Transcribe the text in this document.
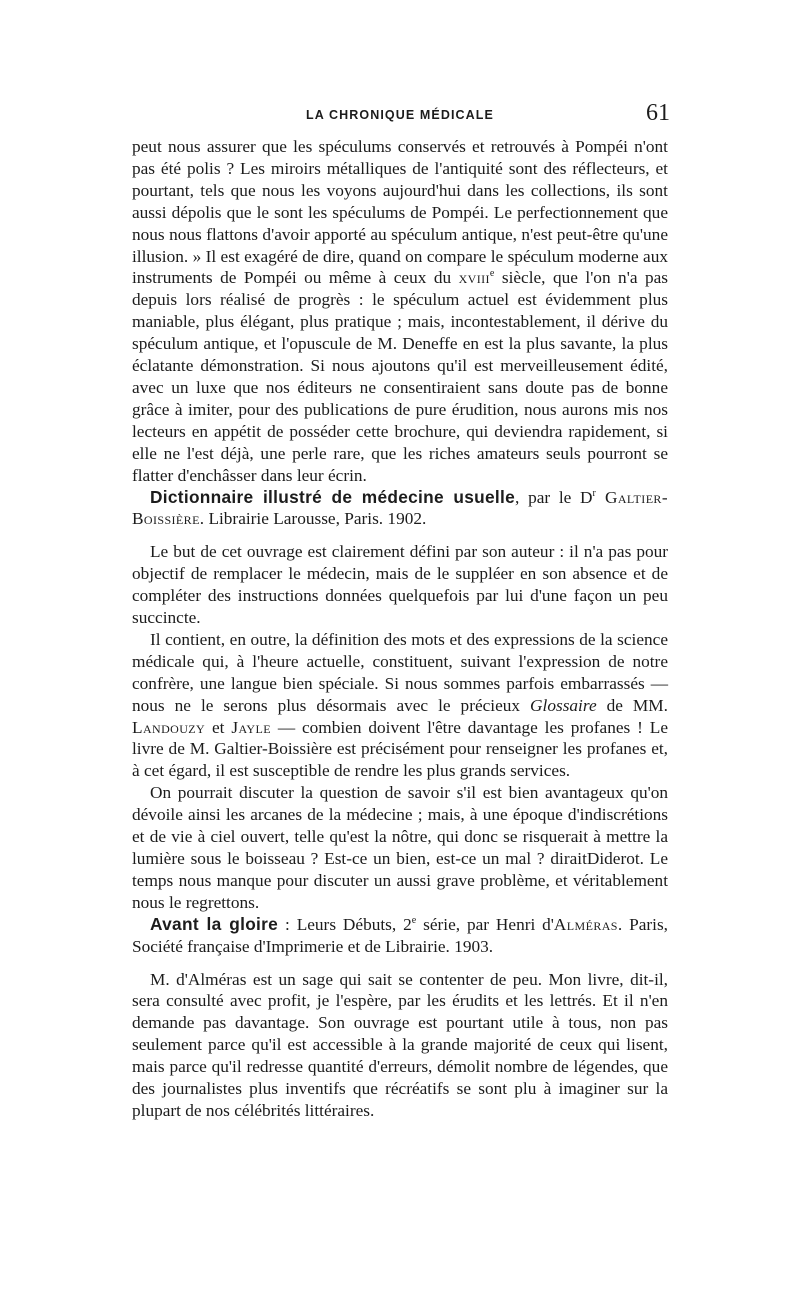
LA CHRONIQUE MÉDICALE	61

peut nous assurer que les spéculums conservés et retrouvés à Pompéi n'ont pas été polis ? Les miroirs métalliques de l'antiquité sont des réflecteurs, et pourtant, tels que nous les voyons aujourd'hui dans les collections, ils sont aussi dépolis que le sont les spéculums de Pompéi. Le perfectionnement que nous nous flattons d'avoir apporté au spéculum antique, n'est peut-être qu'une illusion. » Il est exagéré de dire, quand on compare le spéculum moderne aux instruments de Pompéi ou même à ceux du xviii$^e$ siècle, que l'on n'a pas depuis lors réalisé de progrès : le spéculum actuel est évidemment plus maniable, plus élégant, plus pratique ; mais, incontestablement, il dérive du spéculum antique, et l'opuscule de M. Deneffe en est la plus savante, la plus éclatante démonstration. Si nous ajoutons qu'il est merveilleusement édité, avec un luxe que nos éditeurs ne consentiraient sans doute pas de bonne grâce à imiter, pour des publications de pure érudition, nous aurons mis nos lecteurs en appétit de posséder cette brochure, qui deviendra rapidement, si elle ne l'est déjà, une perle rare, que les riches amateurs seuls pourront se flatter d'enchâsser dans leur écrin.

Dictionnaire illustré de médecine usuelle, par le $D^r$ Galtier-Boissière. Librairie Larousse, Paris. 1902.

Le but de cet ouvrage est clairement défini par son auteur : il n'a pas pour objectif de remplacer le médecin, mais de le suppléer en son absence et de compléter des instructions données quelquefois par lui d'une façon un peu succincte.

Il contient, en outre, la définition des mots et des expressions de la science médicale qui, à l'heure actuelle, constituent, suivant l'expression de notre confrère, une langue bien spéciale. Si nous sommes parfois embarrassés — nous ne le serons plus désormais avec le précieux Glossaire de MM. Landouzy et Jayle — combien doivent l'être davantage les profanes ! Le livre de M. Galtier-Boissière est précisément pour renseigner les profanes et, à cet égard, il est susceptible de rendre les plus grands services.

On pourrait discuter la question de savoir s'il est bien avantageux qu'on dévoile ainsi les arcanes de la médecine ; mais, à une époque d'indiscrétions et de vie à ciel ouvert, telle qu'est la nôtre, qui donc se risquerait à mettre la lumière sous le boisseau ? Est-ce un bien, est-ce un mal ? diraitDiderot. Le temps nous manque pour discuter un aussi grave problème, et véritablement nous le regrettons.

Avant la gloire : Leurs Débuts, 2e série, par Henri d'Alméras. Paris, Société française d'Imprimerie et de Librairie. 1903.

M. d'Alméras est un sage qui sait se contenter de peu. Mon livre, dit-il, sera consulté avec profit, je l'espère, par les érudits et les lettrés. Et il n'en demande pas davantage. Son ouvrage est pourtant utile à tous, non pas seulement parce qu'il est accessible à la grande majorité de ceux qui lisent, mais parce qu'il redresse quantité d'erreurs, démolit nombre de légendes, que des journalistes plus inventifs que récréatifs se sont plu à imaginer sur la plupart de nos célébrités littéraires.
